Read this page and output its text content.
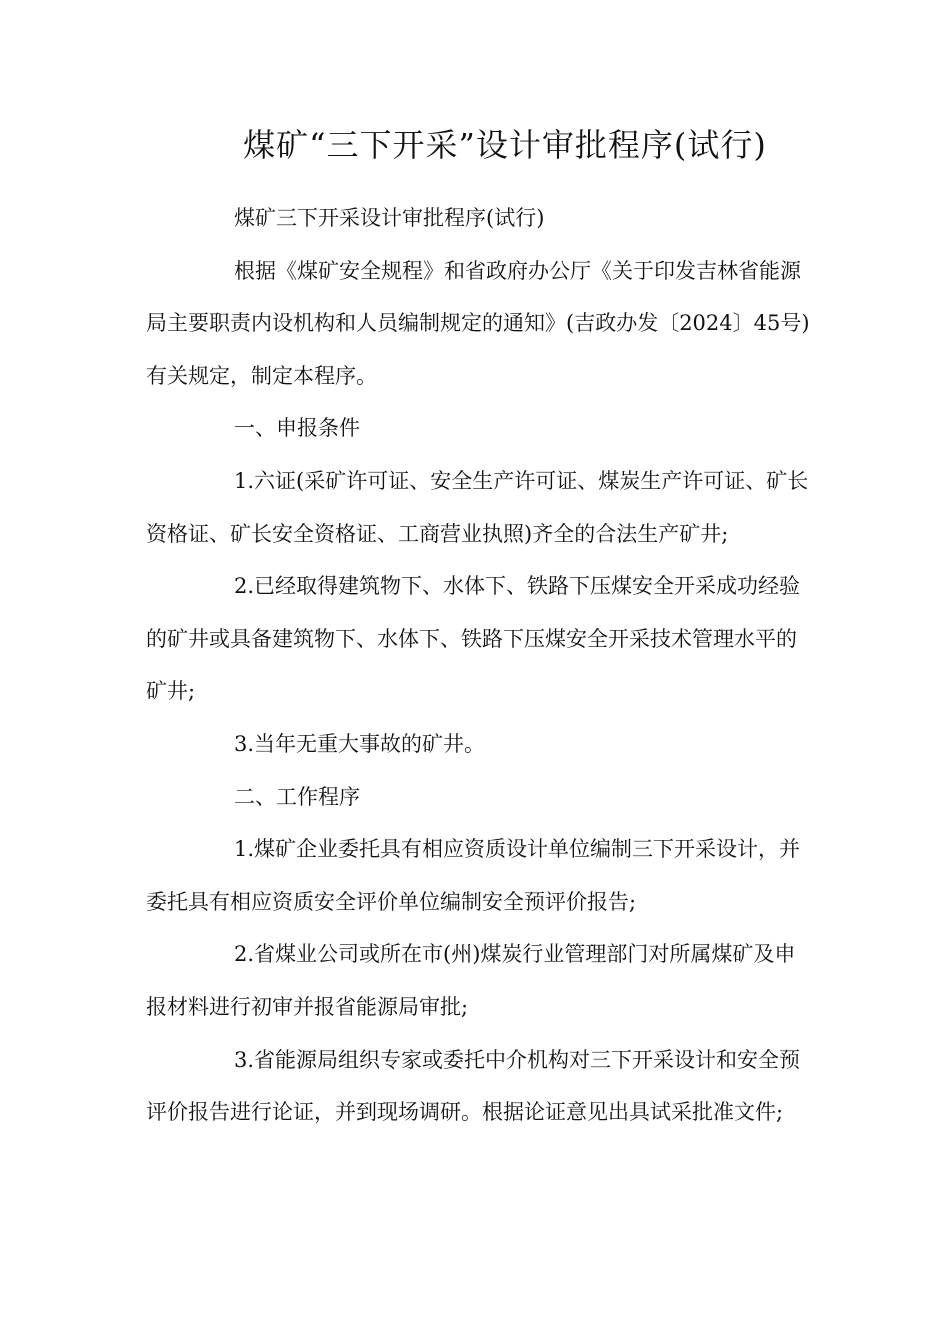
煤矿“三下开采”设计审批程序(试行)

煤矿三下开采设计审批程序(试行)

根据《煤矿安全规程》和省政府办公厅《关于印发吉林省能源局主要职责内设机构和人员编制规定的通知》(吉政办发〔2024〕45号)有关规定，制定本程序。

一、申报条件

1.六证(采矿许可证、安全生产许可证、煤炭生产许可证、矿长资格证、矿长安全资格证、工商营业执照)齐全的合法生产矿井;

2.已经取得建筑物下、水体下、铁路下压煤安全开采成功经验的矿井或具备建筑物下、水体下、铁路下压煤安全开采技术管理水平的矿井;

3.当年无重大事故的矿井。

二、工作程序

1.煤矿企业委托具有相应资质设计单位编制三下开采设计，并委托具有相应资质安全评价单位编制安全预评价报告;

2.省煤业公司或所在市(州)煤炭行业管理部门对所属煤矿及申报材料进行初审并报省能源局审批;

3.省能源局组织专家或委托中介机构对三下开采设计和安全预评价报告进行论证，并到现场调研。根据论证意见出具试采批准文件;
